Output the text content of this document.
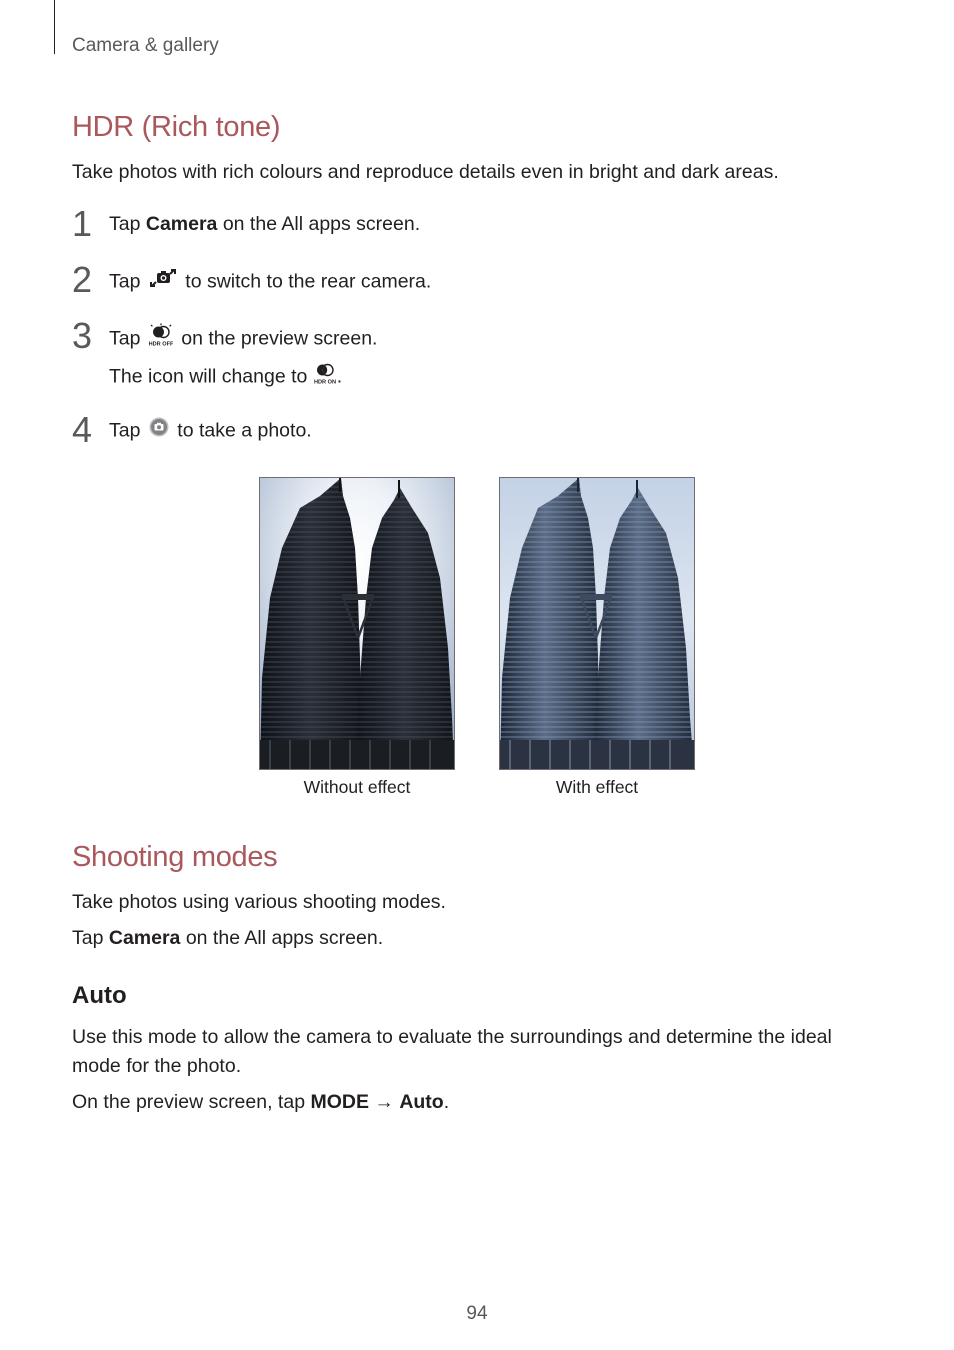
Camera & gallery
HDR (Rich tone)
Take photos with rich colours and reproduce details even in bright and dark areas.
1 Tap Camera on the All apps screen.
2 Tap  to switch to the rear camera.
3 Tap HDR OFF on the preview screen.
The icon will change to HDR ON .
4 Tap  to take a photo.
Without effect	With effect
Shooting modes
Take photos using various shooting modes.
Tap Camera on the All apps screen.
Auto
Use this mode to allow the camera to evaluate the surroundings and determine the ideal mode for the photo.
On the preview screen, tap MODE → Auto.
94
